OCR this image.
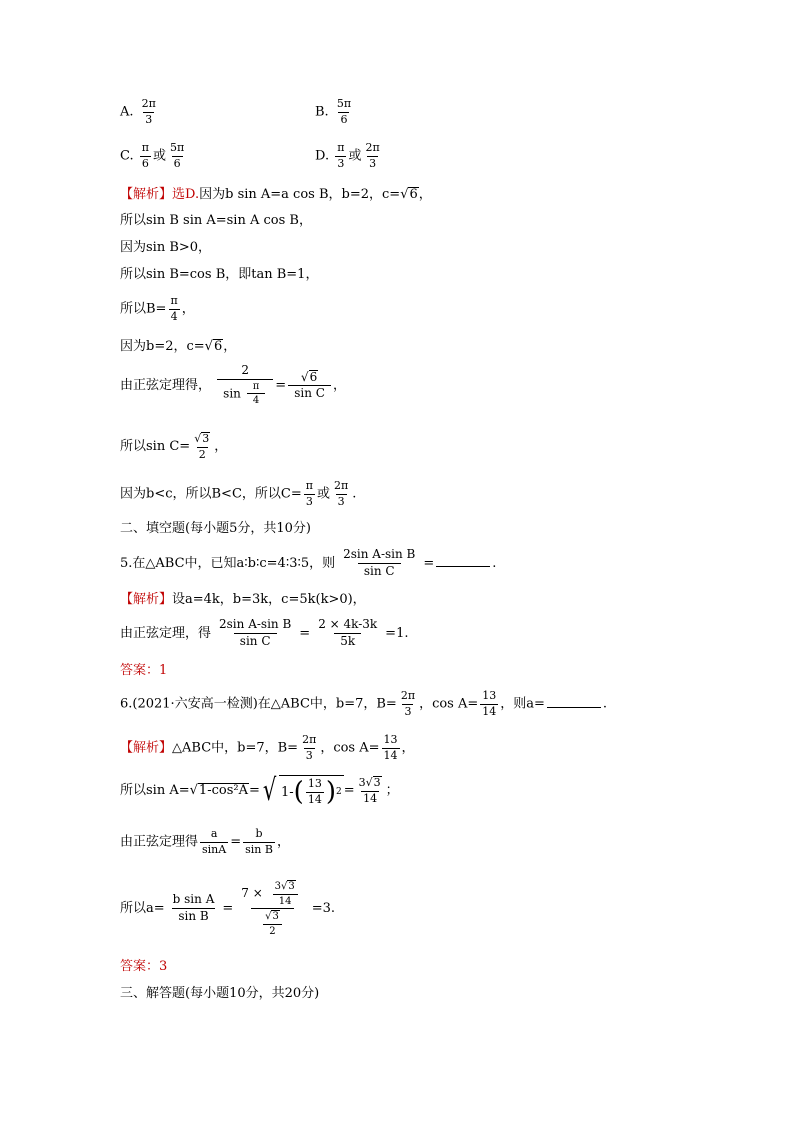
A. $\frac{2\pi}{3}$	B. $\frac{5\pi}{6}$
C. $\frac{\pi}{6}$ 或 $\frac{5\pi}{6}$	D. $\frac{\pi}{3}$ 或 $\frac{2\pi}{3}$
【解析】选D.因为b sin A=a cos B，b=2，c=√6，
所以sin B sin A=sin A cos B，
因为sin B>0，
所以sin B=cos B，即tan B=1，
所以$B= \frac{\pi}{4}$ ，
因为b=2，c=√6，
由正弦定理得， $\frac{2}{\sin \frac{\pi}{4}} = \frac{√6}{\text{sin C}}$ ，
所以$\sin C= \frac{√3}{2}$ ，
因为b<c，所以B<C，所以$C= \frac{\pi}{3}$ 或 $\frac{2\pi}{3}$ .
二、填空题(每小题5分，共10分)
5.在△ABC中，已知a∶b∶c=4∶3∶5，则 $\frac{\text{2sin A-sin B}}{\text{sin C}}$ =	.
【解析】设a=4k，b=3k，c=5k(k>0)，
由正弦定理，得 $\frac{\text{2sin A-sin B}}{\text{sin C}} = \frac{2 \times 4k-3k}{5k} =1$.
答案：1
6.(2021·六安高一检测)在△ABC中，b=7，$B= \frac{2\pi}{3}$ ，$\cos A= \frac{13}{14}$ ，则a=	.
【解析】△ABC中，b=7，$B= \frac{2\pi}{3}$ ，$\cos A= \frac{13}{14}$ ，
所以sin A=√1-cos²A= √ 1- ( $\frac{13}{14}$ ) $2 = \frac{3√3}{14}$ ；
由正弦定理得 $\frac{a}{\sin A} = \frac{b}{\text{sin B}}$ ，
所以$a= \frac{\text{b sin A}}{\text{sin B}} = \frac{7 \times \frac{3√3}{14}}{\frac{√3}{2}} =3$.
答案：3
三、解答题(每小题10分，共20分)
